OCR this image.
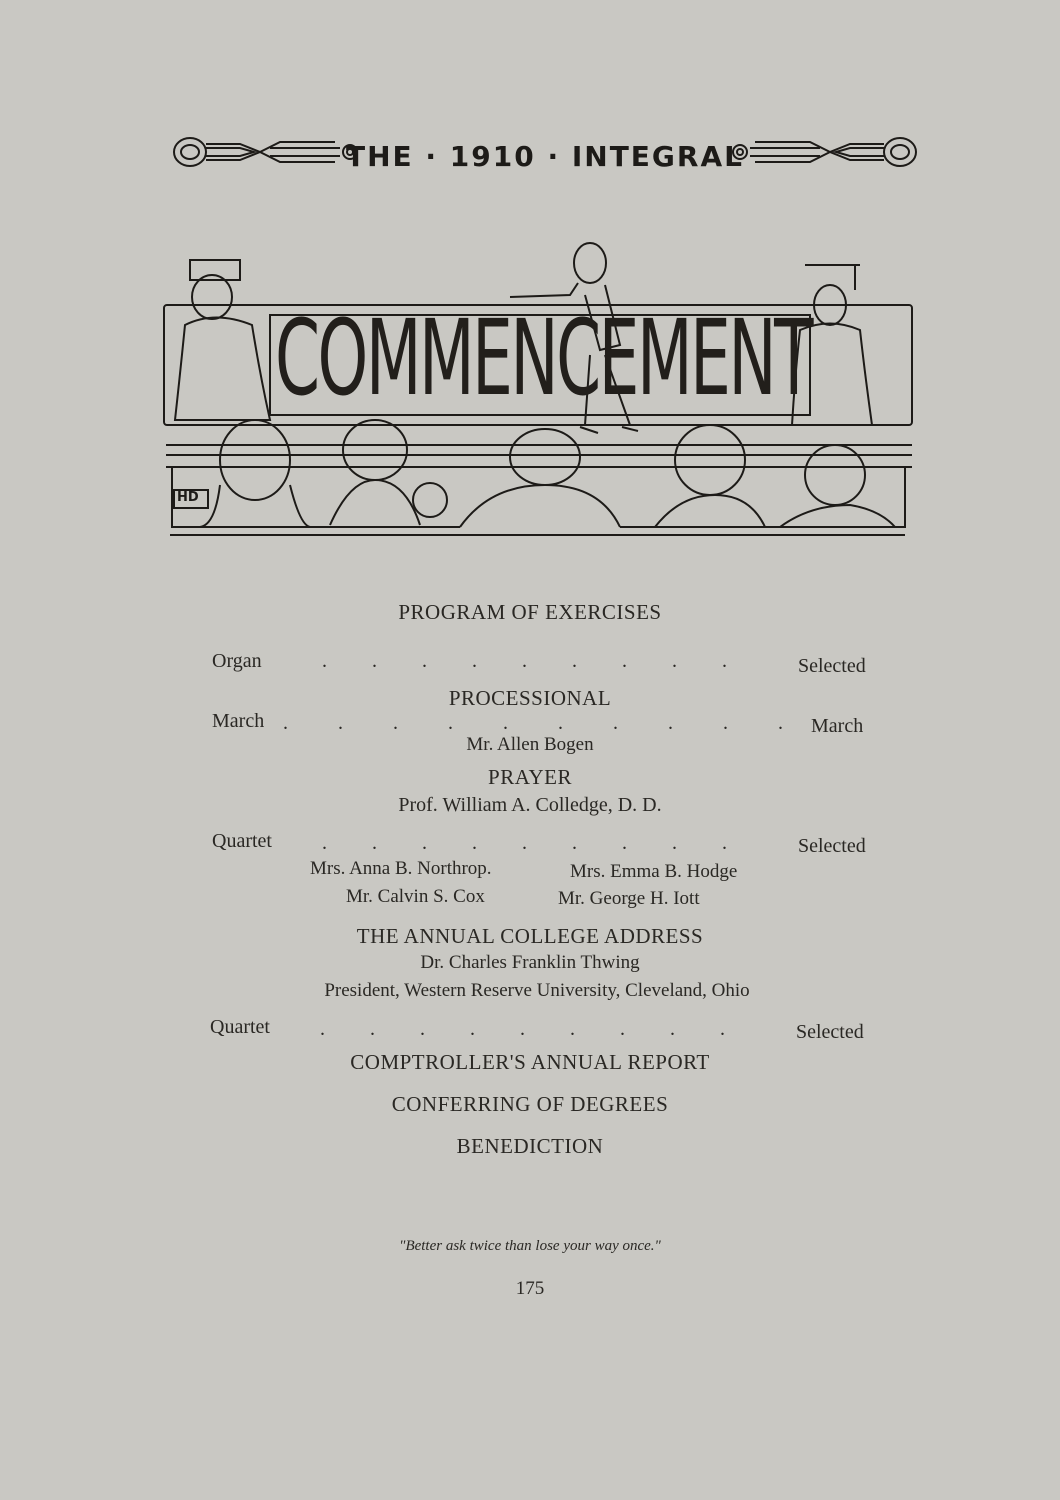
THE · 1910 · INTEGRAL
COMMENCEMENT
HD
PROGRAM OF EXERCISES
Organ	.         .         .         .         .         .         .         .         .	Selected
PROCESSIONAL
March .          .          .          .          .          .          .          .          .          . March
Mr. Allen Bogen
PRAYER
Prof. William A. Colledge, D. D.
Quartet	.         .         .         .         .         .         .         .         .	Selected
Mrs. Anna B. Northrop.	Mrs. Emma B. Hodge
Mr. Calvin S. Cox	Mr. George H. Iott
THE ANNUAL COLLEGE ADDRESS
Dr. Charles Franklin Thwing
President, Western Reserve University, Cleveland, Ohio
Quartet	.         .         .         .         .         .         .         .         .	Selected
COMPTROLLER'S ANNUAL REPORT
CONFERRING OF DEGREES
BENEDICTION
"Better ask twice than lose your way once."
175
